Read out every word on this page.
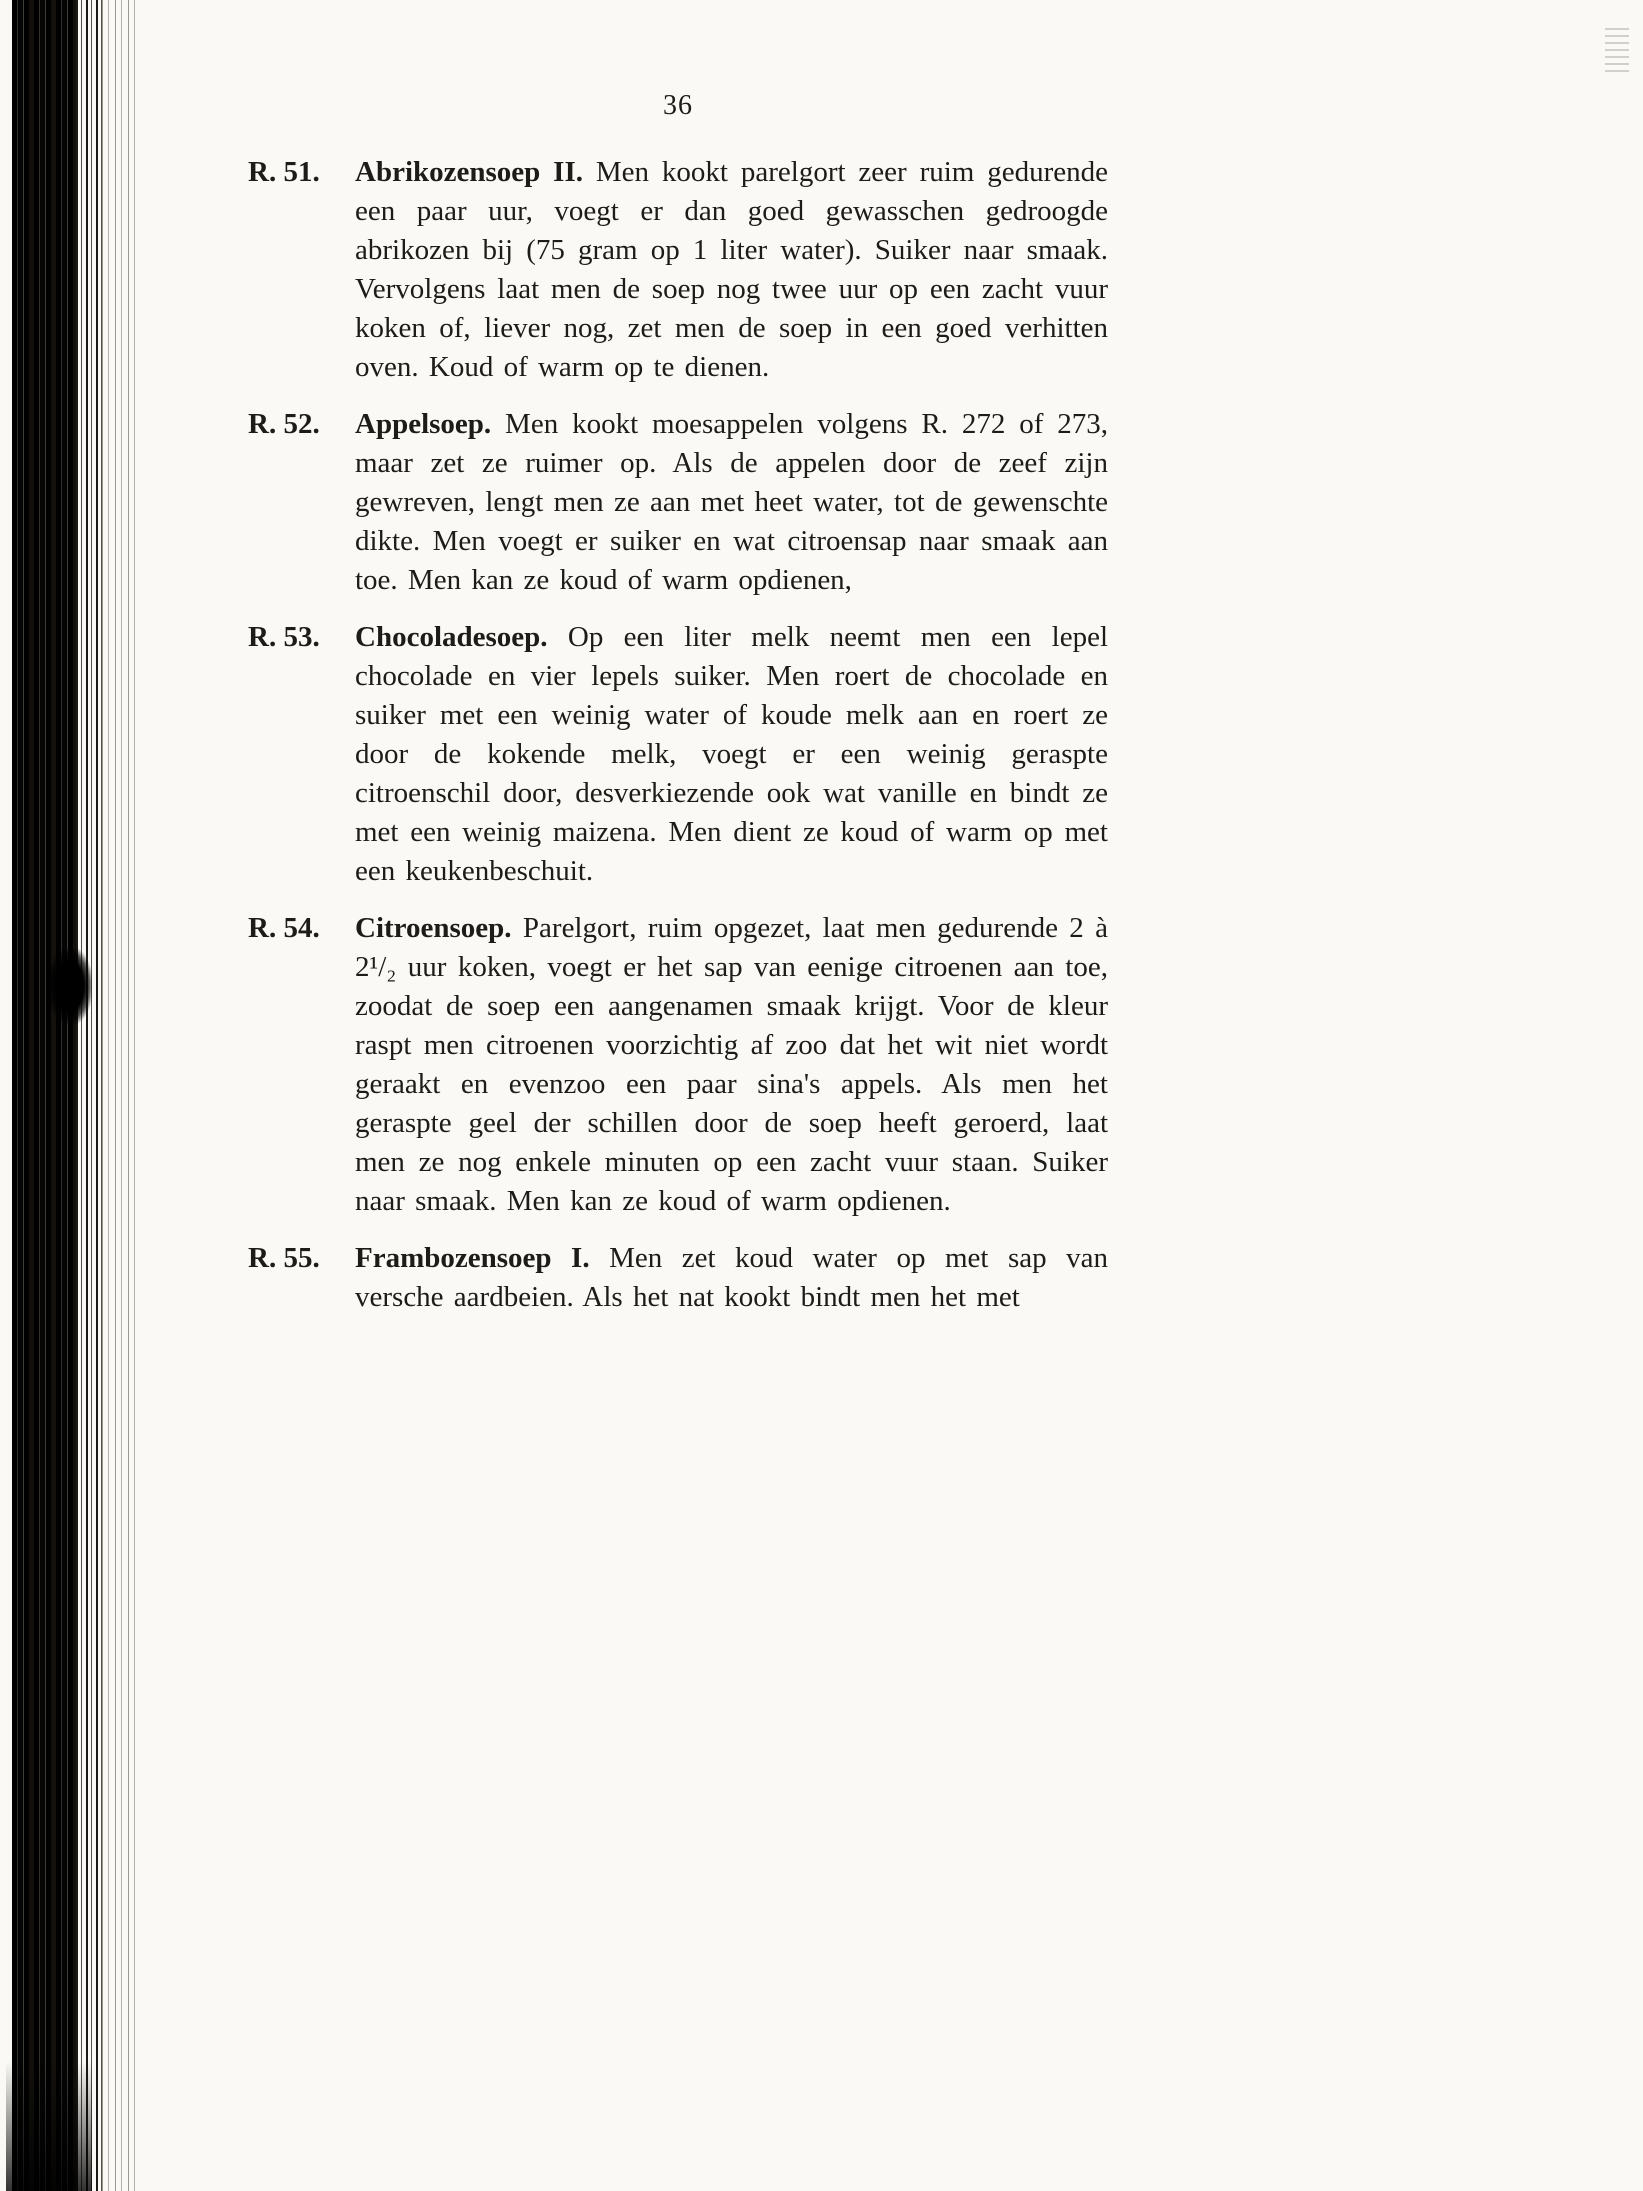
36
R. 51.	Abrikozensoep II. Men kookt parelgort zeer ruim gedurende een paar uur, voegt er dan goed gewasschen gedroogde abrikozen bij (75 gram op 1 liter water). Suiker naar smaak. Vervolgens laat men de soep nog twee uur op een zacht vuur koken of, liever nog, zet men de soep in een goed verhitten oven. Koud of warm op te dienen.

R. 52.	Appelsoep. Men kookt moesappelen volgens R. 272 of 273, maar zet ze ruimer op. Als de appelen door de zeef zijn gewreven, lengt men ze aan met heet water, tot de gewenschte dikte. Men voegt er suiker en wat citroensap naar smaak aan toe. Men kan ze koud of warm opdienen,

R. 53.	Chocoladesoep. Op een liter melk neemt men een lepel chocolade en vier lepels suiker. Men roert de chocolade en suiker met een weinig water of koude melk aan en roert ze door de kokende melk, voegt er een weinig geraspte citroenschil door, desverkiezende ook wat vanille en bindt ze met een weinig maizena. Men dient ze koud of warm op met een keukenbeschuit.

R. 54.	Citroensoep. Parelgort, ruim opgezet, laat men gedurende 2 à 2¹/₂ uur koken, voegt er het sap van eenige citroenen aan toe, zoodat de soep een aangenamen smaak krijgt. Voor de kleur raspt men citroenen voorzichtig af zoo dat het wit niet wordt geraakt en evenzoo een paar sina's appels. Als men het geraspte geel der schillen door de soep heeft geroerd, laat men ze nog enkele minuten op een zacht vuur staan. Suiker naar smaak. Men kan ze koud of warm opdienen.

R. 55.	Frambozensoep I. Men zet koud water op met sap van versche aardbeien. Als het nat kookt bindt men het met
